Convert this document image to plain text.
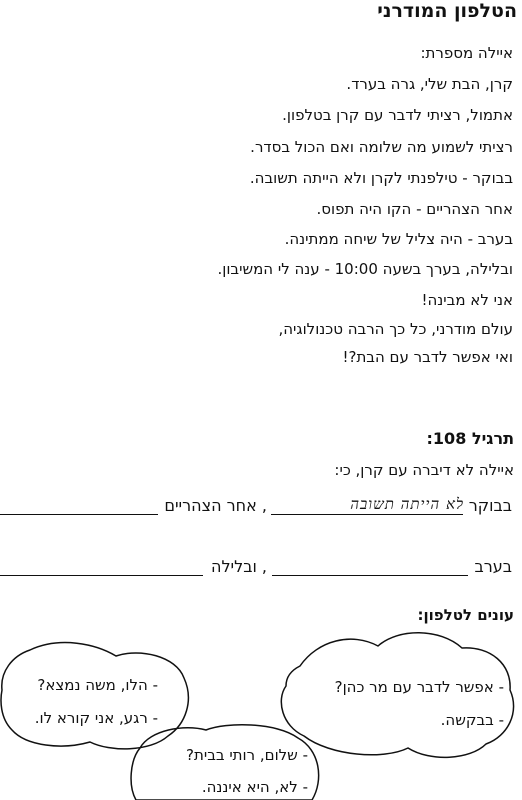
הטלפון המודרני
איילה מספרת:
קרן, הבת שלי, גרה בערד.
אתמול, רציתי לדבר עם קרן בטלפון.
רציתי לשמוע מה שלומה ואם הכול בסדר.
בבוקר - טילפנתי לקרן ולא הייתה תשובה.
אחר הצהריים - הקו היה תפוס.
בערב - היה צליל של שיחה ממתינה.
ובלילה, בערך בשעה 10:00 - ענה לי המשיבון.
אני לא מבינה!
עולם מודרני, כל כך הרבה טכנולוגיה,
ואי אפשר לדבר עם הבת?!
תרגיל 108:
איילה לא דיברה עם קרן, כי:
בבוקר
לא הייתה תשובה
, אחר הצהריים
בערב
, ובלילה
עונים לטלפון:
- אפשר לדבר עם מר כהן?
- בבקשה.
- הלו, משה נמצא?
- רגע, אני קורא לו.
- שלום, רותי בבית?
- לא, היא איננה.
